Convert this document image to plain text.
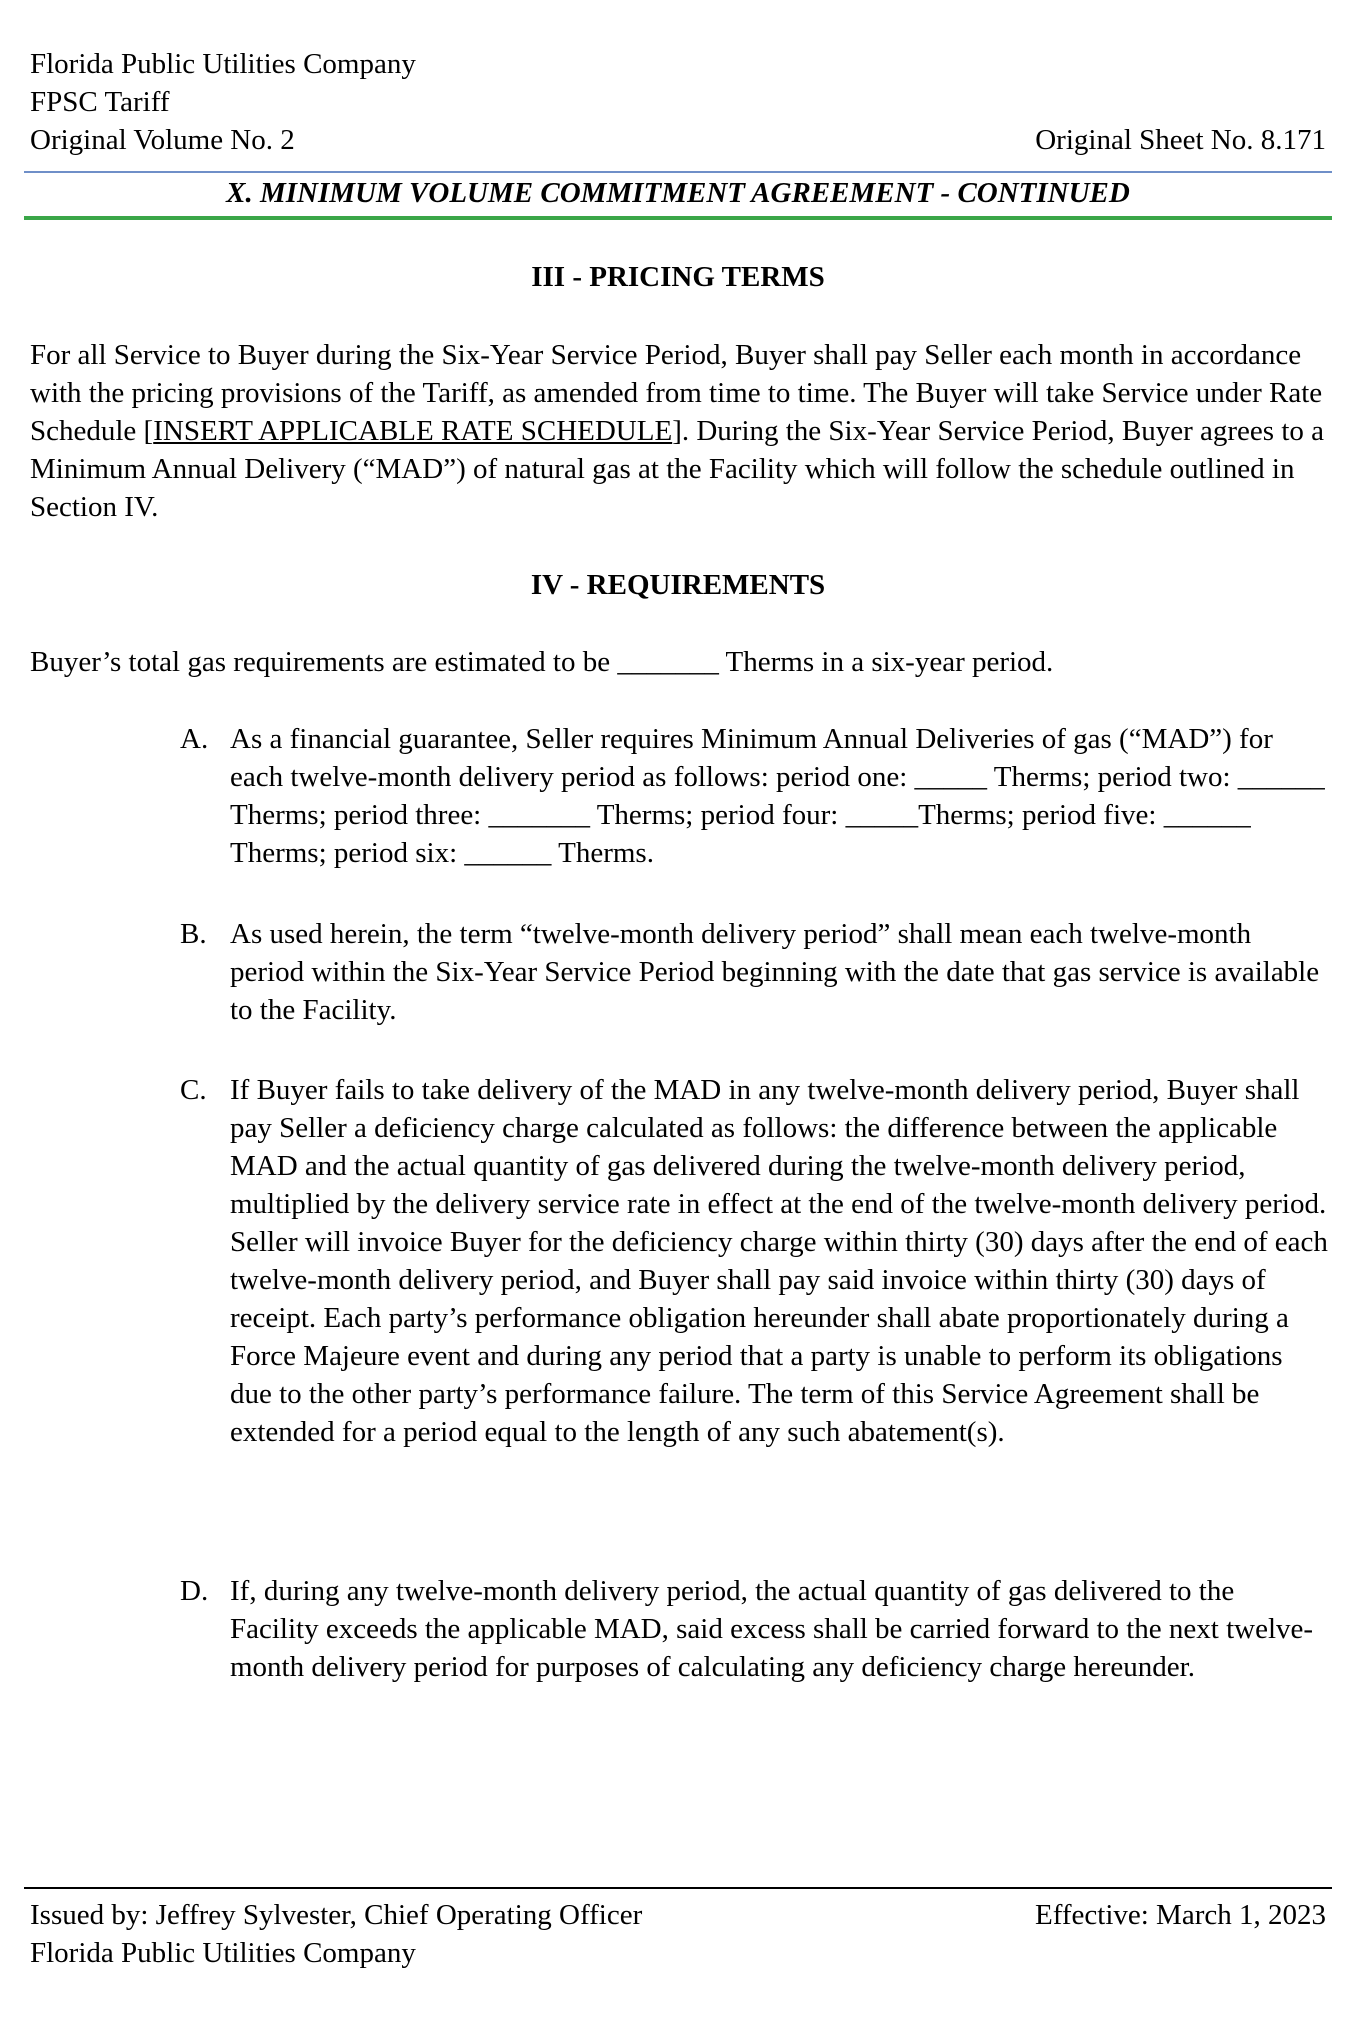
Florida Public Utilities Company
FPSC Tariff
Original Volume No. 2	Original Sheet No. 8.171
X. MINIMUM VOLUME COMMITMENT AGREEMENT - CONTINUED
III - PRICING TERMS
For all Service to Buyer during the Six-Year Service Period, Buyer shall pay Seller each month in accordance with the pricing provisions of the Tariff, as amended from time to time. The Buyer will take Service under Rate Schedule [INSERT APPLICABLE RATE SCHEDULE]. During the Six-Year Service Period, Buyer agrees to a Minimum Annual Delivery (“MAD”) of natural gas at the Facility which will follow the schedule outlined in Section IV.
IV - REQUIREMENTS
Buyer’s total gas requirements are estimated to be _______ Therms in a six-year period.
A. As a financial guarantee, Seller requires Minimum Annual Deliveries of gas (“MAD”) for each twelve-month delivery period as follows: period one: _____ Therms; period two: ______ Therms; period three: _______ Therms; period four: _____Therms; period five: ______ Therms; period six: ______ Therms.
B. As used herein, the term “twelve-month delivery period” shall mean each twelve-month period within the Six-Year Service Period beginning with the date that gas service is available to the Facility.
C. If Buyer fails to take delivery of the MAD in any twelve-month delivery period, Buyer shall pay Seller a deficiency charge calculated as follows: the difference between the applicable MAD and the actual quantity of gas delivered during the twelve-month delivery period, multiplied by the delivery service rate in effect at the end of the twelve-month delivery period. Seller will invoice Buyer for the deficiency charge within thirty (30) days after the end of each twelve-month delivery period, and Buyer shall pay said invoice within thirty (30) days of receipt. Each party’s performance obligation hereunder shall abate proportionately during a Force Majeure event and during any period that a party is unable to perform its obligations due to the other party’s performance failure. The term of this Service Agreement shall be extended for a period equal to the length of any such abatement(s).
D. If, during any twelve-month delivery period, the actual quantity of gas delivered to the Facility exceeds the applicable MAD, said excess shall be carried forward to the next twelve- month delivery period for purposes of calculating any deficiency charge hereunder.
Issued by: Jeffrey Sylvester, Chief Operating Officer	Effective: March 1, 2023
Florida Public Utilities Company
